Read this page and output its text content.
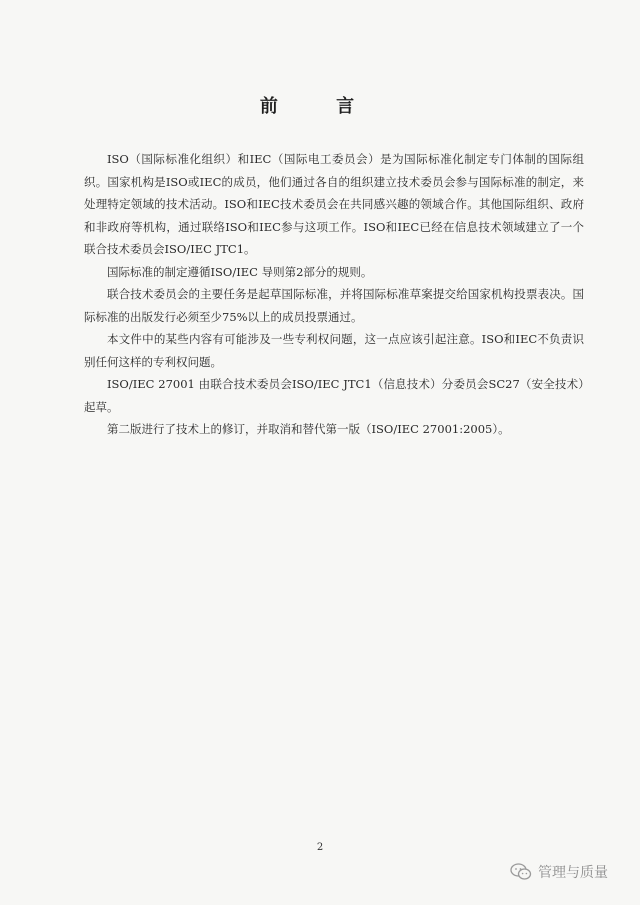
前 言

ISO（国际标准化组织）和IEC（国际电工委员会）是为国际标准化制定专门体制的国际组织。国家机构是ISO或IEC的成员，他们通过各自的组织建立技术委员会参与国际标准的制定，来处理特定领域的技术活动。ISO和IEC技术委员会在共同感兴趣的领域合作。其他国际组织、政府和非政府等机构，通过联络ISO和IEC参与这项工作。ISO和IEC已经在信息技术领域建立了一个联合技术委员会ISO/IEC JTC1。

国际标准的制定遵循ISO/IEC 导则第2部分的规则。

联合技术委员会的主要任务是起草国际标准，并将国际标准草案提交给国家机构投票表决。国际标准的出版发行必须至少75%以上的成员投票通过。

本文件中的某些内容有可能涉及一些专利权问题，这一点应该引起注意。ISO和IEC不负责识别任何这样的专利权问题。

ISO/IEC 27001 由联合技术委员会ISO/IEC JTC1（信息技术）分委员会SC27（安全技术）起草。

第二版进行了技术上的修订，并取消和替代第一版（ISO/IEC 27001:2005）。

2
管理与质量
